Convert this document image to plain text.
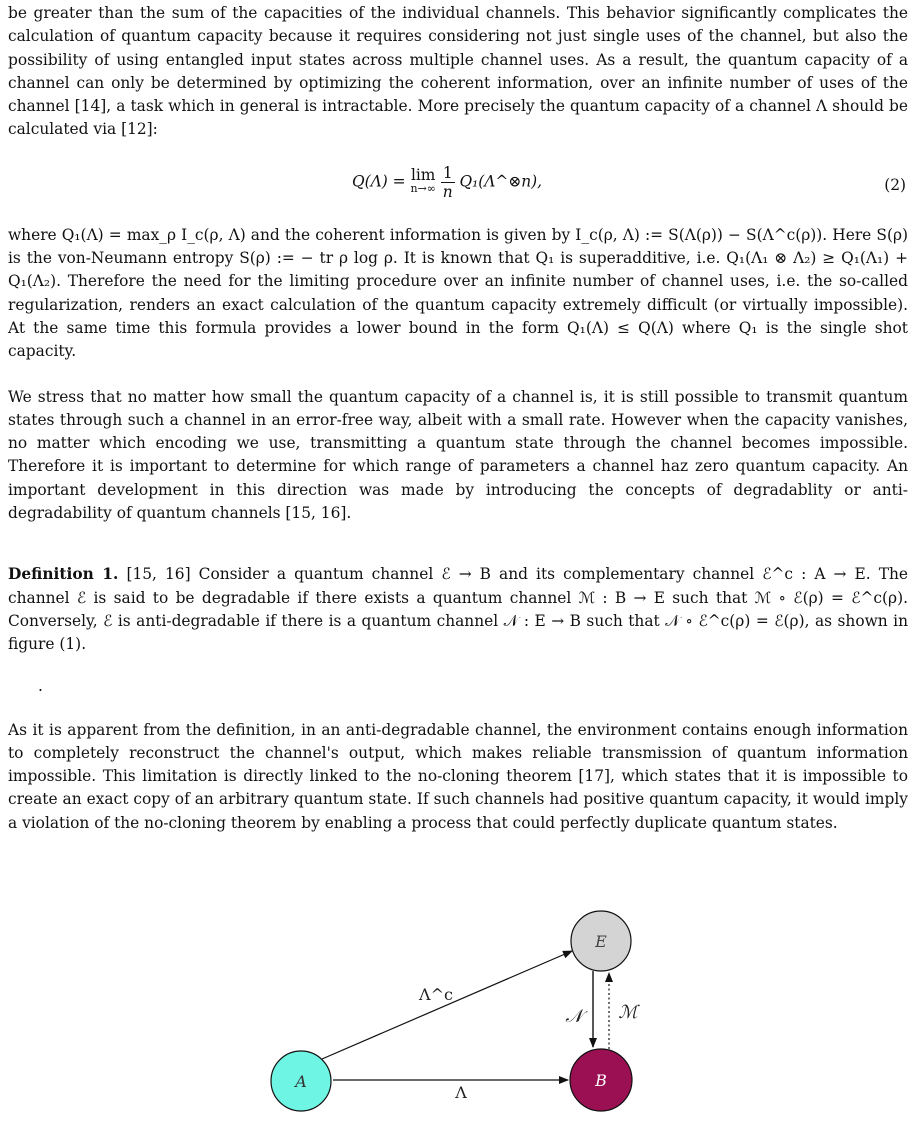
be greater than the sum of the capacities of the individual channels. This behavior significantly complicates the calculation of quantum capacity because it requires considering not just single uses of the channel, but also the possibility of using entangled input states across multiple channel uses. As a result, the quantum capacity of a channel can only be determined by optimizing the coherent information, over an infinite number of uses of the channel [14], a task which in general is intractable. More precisely the quantum capacity of a channel Λ should be calculated via [12]:

Q(Λ) = lim
n→∞
$\frac{1}{n}$ Q₁(Λ^⊗n),	(2)

where Q₁(Λ) = max_ρ I_c(ρ, Λ) and the coherent information is given by I_c(ρ, Λ) := S(Λ(ρ)) − S(Λ^c(ρ)). Here S(ρ) is the von-Neumann entropy S(ρ) := − tr ρ log ρ. It is known that Q₁ is superadditive, i.e. Q₁(Λ₁ ⊗ Λ₂) ≥ Q₁(Λ₁) + Q₁(Λ₂). Therefore the need for the limiting procedure over an infinite number of channel uses, i.e. the so-called regularization, renders an exact calculation of the quantum capacity extremely difficult (or virtually impossible). At the same time this formula provides a lower bound in the form Q₁(Λ) ≤ Q(Λ) where Q₁ is the single shot capacity.

We stress that no matter how small the quantum capacity of a channel is, it is still possible to transmit quantum states through such a channel in an error-free way, albeit with a small rate. However when the capacity vanishes, no matter which encoding we use, transmitting a quantum state through the channel becomes impossible. Therefore it is important to determine for which range of parameters a channel haz zero quantum capacity. An important development in this direction was made by introducing the concepts of degradablity or anti-degradability of quantum channels [15, 16].

Definition 1. [15, 16] Consider a quantum channel ℰ → B and its complementary channel ℰ^c : A → E. The channel ℰ is said to be degradable if there exists a quantum channel ℳ : B → E such that ℳ ∘ ℰ(ρ) = ℰ^c(ρ). Conversely, ℰ is anti-degradable if there is a quantum channel 𝒩 : E → B such that 𝒩 ∘ ℰ^c(ρ) = ℰ(ρ), as shown in figure (1).

.

As it is apparent from the definition, in an anti-degradable channel, the environment contains enough information to completely reconstruct the channel's output, which makes reliable transmission of quantum information impossible. This limitation is directly linked to the no-cloning theorem [17], which states that it is impossible to create an exact copy of an arbitrary quantum state. If such channels had positive quantum capacity, it would imply a violation of the no-cloning theorem by enabling a process that could perfectly duplicate quantum states.

A	B
E
Λ
Λ^c
𝒩	ℳ
